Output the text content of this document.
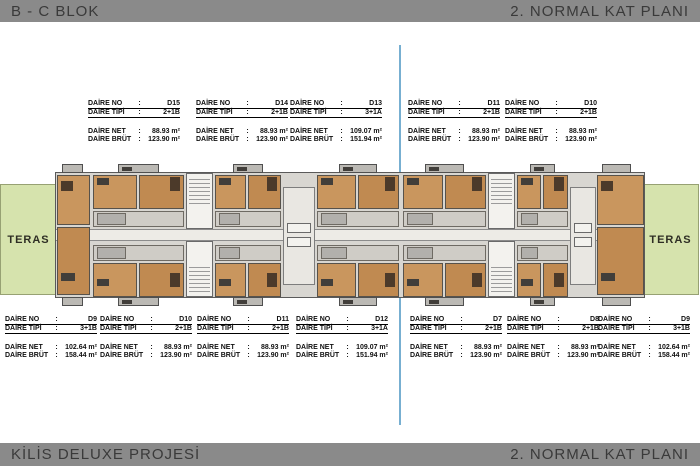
B - C BLOK	2. NORMAL KAT PLANI
TERAS	TERAS
DAİRE NO	:	D15
DAİRE TİPİ	:	2+1B
DAİRE NET	:	88.93 m²
DAİRE BRÜT	:	123.90 m²
DAİRE NO	:	D14
DAİRE TİPİ	:	2+1B
DAİRE NET	:	88.93 m²
DAİRE BRÜT	:	123.90 m²
DAİRE NO	:	D13
DAİRE TİPİ	:	3+1A
DAİRE NET	:	109.07 m²
DAİRE BRÜT	:	151.94 m²
DAİRE NO	:	D11
DAİRE TİPİ	:	2+1B
DAİRE NET	:	88.93 m²
DAİRE BRÜT	:	123.90 m²
DAİRE NO	:	D10
DAİRE TİPİ	:	2+1B
DAİRE NET	:	88.93 m²
DAİRE BRÜT	:	123.90 m²
DAİRE NO	:	D9
DAİRE TİPİ	:	3+1B
DAİRE NET	:	102.64 m²
DAİRE BRÜT	:	158.44 m²
DAİRE NO	:	D10
DAİRE TİPİ	:	2+1B
DAİRE NET	:	88.93 m²
DAİRE BRÜT	:	123.90 m²
DAİRE NO	:	D11
DAİRE TİPİ	:	2+1B
DAİRE NET	:	88.93 m²
DAİRE BRÜT	:	123.90 m²
DAİRE NO	:	D12
DAİRE TİPİ	:	3+1A
DAİRE NET	:	109.07 m²
DAİRE BRÜT	:	151.94 m²
DAİRE NO	:	D7
DAİRE TİPİ	:	2+1B
DAİRE NET	:	88.93 m²
DAİRE BRÜT	:	123.90 m²
DAİRE NO	:	D8
DAİRE TİPİ	:	2+1B
DAİRE NET	:	88.93 m²
DAİRE BRÜT	:	123.90 m²
DAİRE NO	:	D9
DAİRE TİPİ	:	3+1B
DAİRE NET	:	102.64 m²
DAİRE BRÜT	:	158.44 m²
KİLİS DELUXE PROJESİ	2. NORMAL KAT PLANI
